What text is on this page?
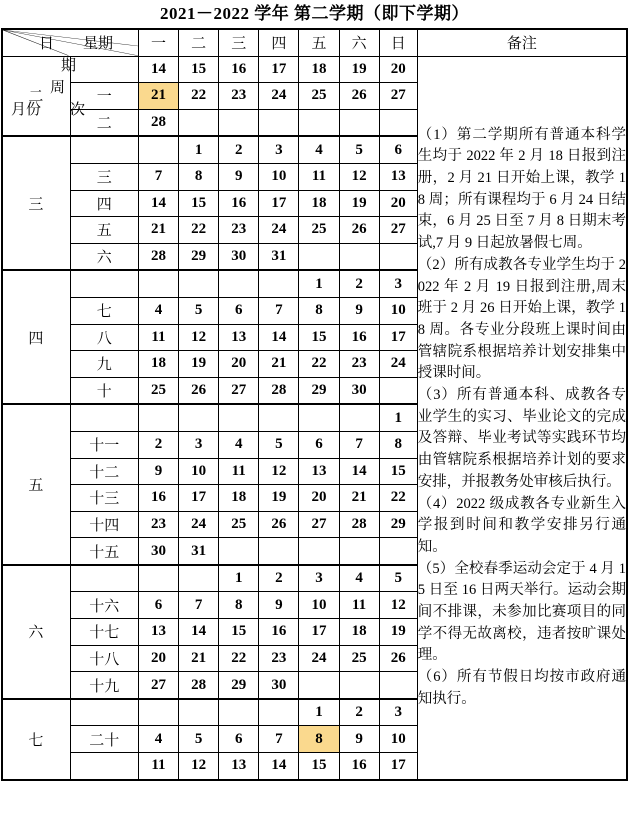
2021－2022 学年 第二学期（即下学期）
日 星期
期
周
月份 次
	一	二	三	四	五	六	日	备注
二		14	15	16	17	18	19	20	
（1）第二学期所有普通本科学生均于 2022 年 2 月 18 日报到注册，2 月 21 日开始上课，教学 18 周；所有课程均于 6 月 24 日结束，6 月 25 日至 7 月 8 日期末考试,7 月 9 日起放暑假七周。
（2）所有成教各专业学生均于 2022 年 2 月 19 日报到注册,周末班于 2 月 26 日开始上课，教学 18 周。各专业分段班上课时间由管辖院系根据培养计划安排集中授课时间。
（3）所有普通本科、成教各专业学生的实习、毕业论文的完成及答辩、毕业考试等实践环节均由管辖院系根据培养计划的要求安排，并报教务处审核后执行。
（4）2022 级成教各专业新生入学报到时间和教学安排另行通知。
（5）全校春季运动会定于 4 月 15 日至 16 日两天举行。运动会期间不排课，未参加比赛项目的同学不得无故离校，违者按旷课处理。
（6）所有节假日均按市政府通知执行。

	一	21	22	23	24	25	26	27	
	二	28							
三			1	2	3	4	5	6	
	三	7	8	9	10	11	12	13	
	四	14	15	16	17	18	19	20	
	五	21	22	23	24	25	26	27	
	六	28	29	30	31				
四						1	2	3	
	七	4	5	6	7	8	9	10	
	八	11	12	13	14	15	16	17	
	九	18	19	20	21	22	23	24	
	十	25	26	27	28	29	30		
五								1	
	十一	2	3	4	5	6	7	8	
	十二	9	10	11	12	13	14	15	
	十三	16	17	18	19	20	21	22	
	十四	23	24	25	26	27	28	29	
	十五	30	31						
六				1	2	3	4	5	
	十六	6	7	8	9	10	11	12	
	十七	13	14	15	16	17	18	19	
	十八	20	21	22	23	24	25	26	
	十九	27	28	29	30				
七						1	2	3	
	二十	4	5	6	7	8	9	10	
		11	12	13	14	15	16	17	
